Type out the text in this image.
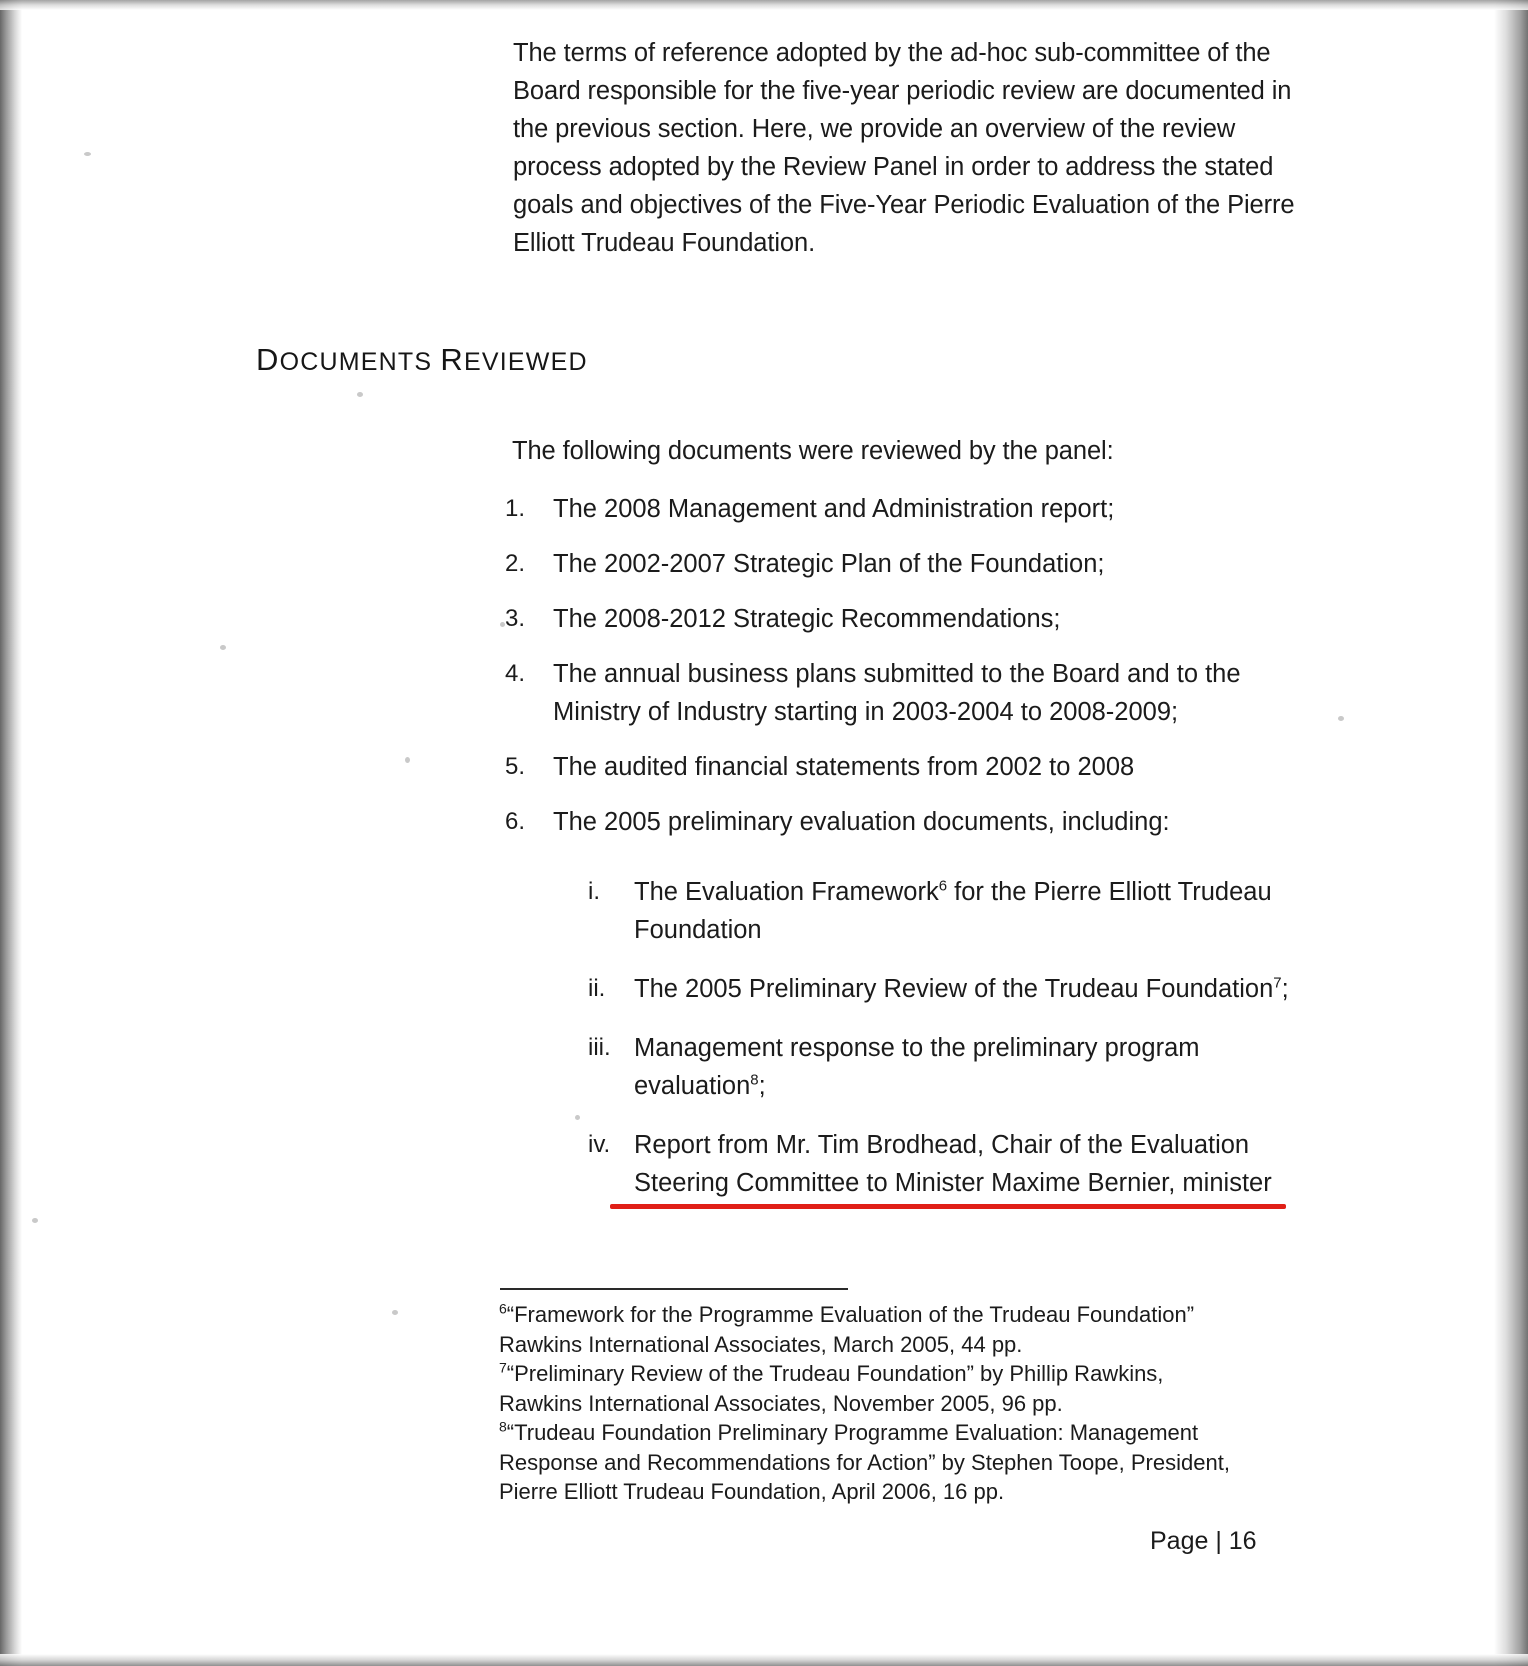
The terms of reference adopted by the ad-hoc sub-committee of the Board responsible for the five-year periodic review are documented in the previous section. Here, we provide an overview of the review process adopted by the Review Panel in order to address the stated goals and objectives of the Five-Year Periodic Evaluation of the Pierre Elliott Trudeau Foundation.
DOCUMENTS REVIEWED
The following documents were reviewed by the panel:
1.	The 2008 Management and Administration report;
2.	The 2002-2007 Strategic Plan of the Foundation;
3.	The 2008-2012 Strategic Recommendations;
4.	The annual business plans submitted to the Board and to the
Ministry of Industry starting in 2003-2004 to 2008-2009;
5.	The audited financial statements from 2002 to 2008
6.	The 2005 preliminary evaluation documents, including:
i.	The Evaluation Framework$^6$ for the Pierre Elliott Trudeau
Foundation
ii.	The 2005 Preliminary Review of the Trudeau Foundation$^7$;
iii. Management response to the preliminary program
evaluation$^8$;
iv. Report from Mr. Tim Brodhead, Chair of the Evaluation
Steering Committee to Minister Maxime Bernier, minister
$^6$“Framework for the Programme Evaluation of the Trudeau Foundation”
Rawkins International Associates, March 2005, 44 pp.
$^7$“Preliminary Review of the Trudeau Foundation” by Phillip Rawkins,
Rawkins International Associates, November 2005, 96 pp.
$^8$“Trudeau Foundation Preliminary Programme Evaluation: Management
Response and Recommendations for Action” by Stephen Toope, President,
Pierre Elliott Trudeau Foundation, April 2006, 16 pp.
Page | 16
